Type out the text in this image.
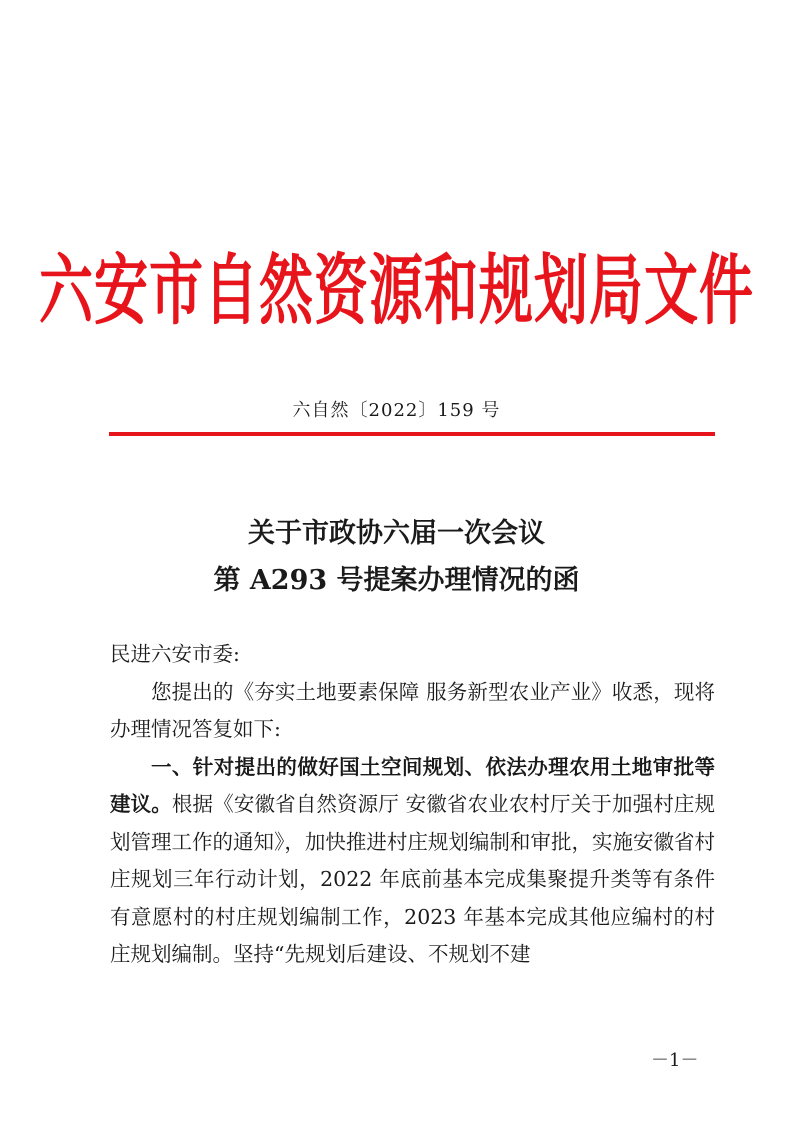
六安市自然资源和规划局文件
六自然〔2022〕159 号
关于市政协六届一次会议
第 A293 号提案办理情况的函

民进六安市委:

您提出的《夯实土地要素保障 服务新型农业产业》收悉，现将办理情况答复如下:

一、针对提出的做好国土空间规划、依法办理农用土地审批等建议。根据《安徽省自然资源厅 安徽省农业农村厅关于加强村庄规划管理工作的通知》，加快推进村庄规划编制和审批，实施安徽省村庄规划三年行动计划，2022 年底前基本完成集聚提升类等有条件有意愿村的村庄规划编制工作，2023 年基本完成其他应编村的村庄规划编制。坚持“先规划后建设、不规划不建

－1－
